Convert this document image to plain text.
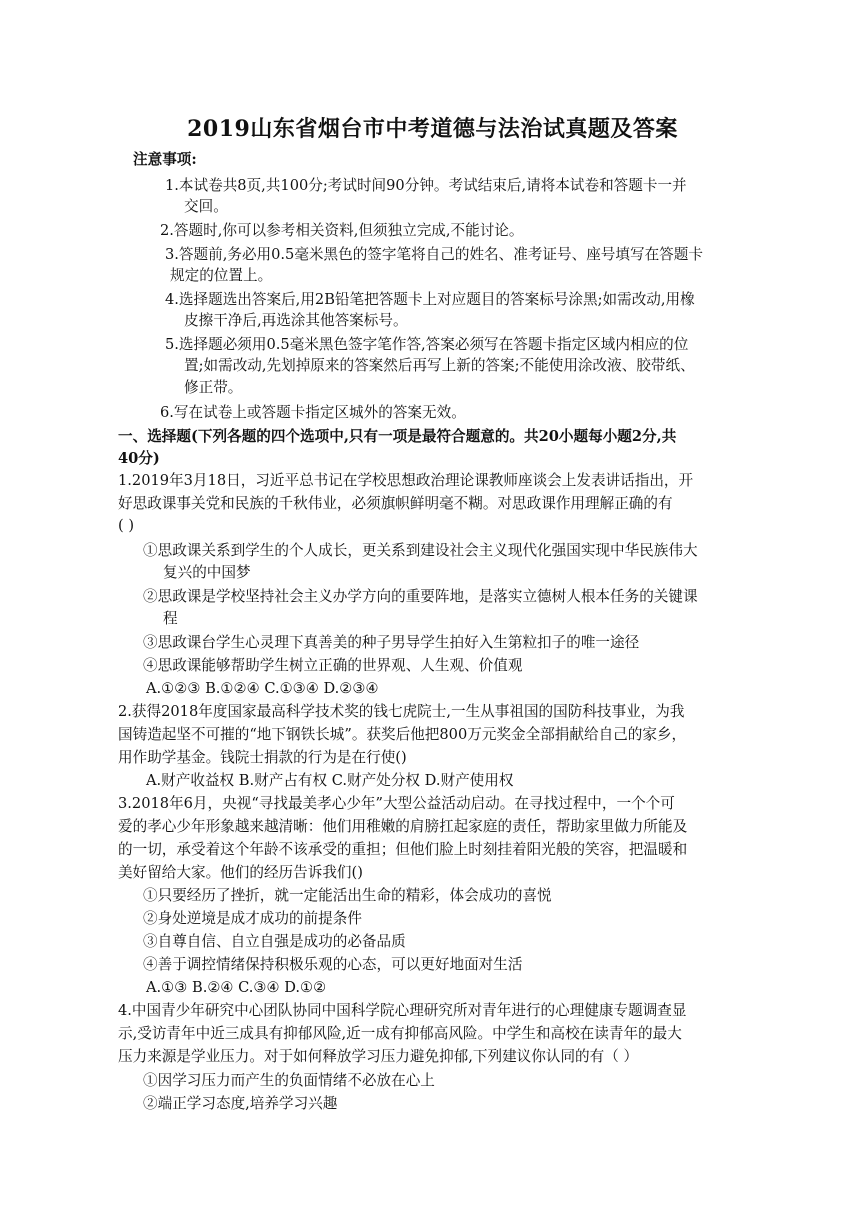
2019山东省烟台市中考道德与法治试真题及答案
注意事项:
1.本试卷共8页,共100分;考试时间90分钟。考试结束后,请将本试卷和答题卡一并
交回。
2.答题时,你可以参考相关资料,但须独立完成,不能讨论。
3.答题前,务必用0.5毫米黑色的签字笔将自己的姓名、准考证号、座号填写在答题卡
规定的位置上。
4.选择题选出答案后,用2B铅笔把答题卡上对应题目的答案标号涂黑;如需改动,用橡
皮擦干净后,再选涂其他答案标号。
5.选择题必须用0.5毫米黑色签字笔作答,答案必须写在答题卡指定区域内相应的位
置;如需改动,先划掉原来的答案然后再写上新的答案;不能使用涂改液、胶带纸、
修正带。
6.写在试卷上或答题卡指定区城外的答案无效。
一、选择题(下列各题的四个选项中,只有一项是最符合题意的。共20小题每小题2分,共
40分)
1.2019年3月18日，习近平总书记在学校思想政治理论课教师座谈会上发表讲话指出，开
好思政课事关党和民族的千秋伟业，必须旗帜鲜明毫不糊。对思政课作用理解正确的有
( )
①思政课关系到学生的个人成长，更关系到建设社会主义现代化强国实现中华民族伟大
复兴的中国梦
②思政课是学校坚持社会主义办学方向的重要阵地，是落实立德树人根本任务的关键课
程
③思政课台学生心灵理下真善美的种子男导学生拍好入生第粒扣子的唯一途径
④思政课能够帮助学生树立正确的世界观、人生观、价值观
A.①②③ B.①②④ C.①③④ D.②③④
2.获得2018年度国家最高科学技术奖的钱七虎院士,一生从事祖国的国防科技事业，为我
国铸造起坚不可摧的“地下钢铁长城”。获奖后他把800万元奖金全部捐献给自己的家乡，
用作助学基金。钱院士捐款的行为是在行使()
A.财产收益权 B.财产占有权 C.财产处分权 D.财产使用权
3.2018年6月，央视“寻找最美孝心少年”大型公益活动启动。在寻找过程中，一个个可
爱的孝心少年形象越来越清晰：他们用稚嫩的肩膀扛起家庭的责任，帮助家里做力所能及
的一切，承受着这个年龄不该承受的重担；但他们脸上时刻挂着阳光般的笑容，把温暖和
美好留给大家。他们的经历告诉我们()
①只要经历了挫折，就一定能活出生命的精彩，体会成功的喜悦
②身处逆境是成才成功的前提条件
③自尊自信、自立自强是成功的必备品质
④善于调控情绪保持积极乐观的心态，可以更好地面对生活
A.①③ B.②④ C.③④ D.①②
4.中国青少年研究中心团队协同中国科学院心理研究所对青年进行的心理健康专题调查显
示,受访青年中近三成具有抑郁风险,近一成有抑郁高风险。中学生和高校在读青年的最大
压力来源是学业压力。对于如何释放学习压力避免抑郁,下列建议你认同的有（ ）
①因学习压力而产生的负面情绪不必放在心上
②端正学习态度,培养学习兴趣
